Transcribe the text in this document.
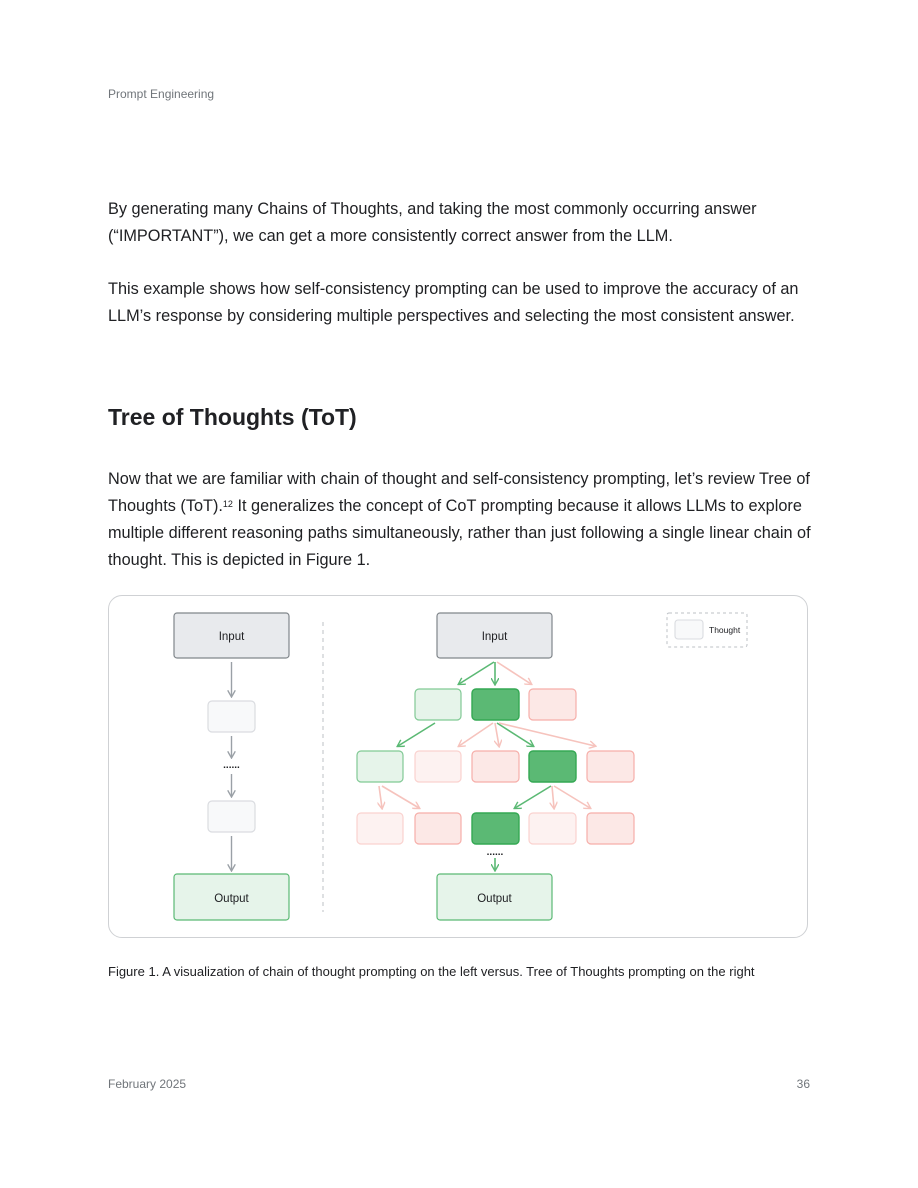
Prompt Engineering

By generating many Chains of Thoughts, and taking the most commonly occurring answer (“IMPORTANT”), we can get a more consistently correct answer from the LLM.

This example shows how self-consistency prompting can be used to improve the accuracy of an LLM’s response by considering multiple perspectives and selecting the most consistent answer.

Tree of Thoughts (ToT)

Now that we are familiar with chain of thought and self-consistency prompting, let’s review Tree of Thoughts (ToT).$^{12}$ It generalizes the concept of CoT prompting because it allows LLMs to explore multiple different reasoning paths simultaneously, rather than just following a single linear chain of thought. This is depicted in Figure 1.

Input
......
Output
Input
......
Output
Thought

Figure 1. A visualization of chain of thought prompting on the left versus. Tree of Thoughts prompting on the right

February 2025	36
